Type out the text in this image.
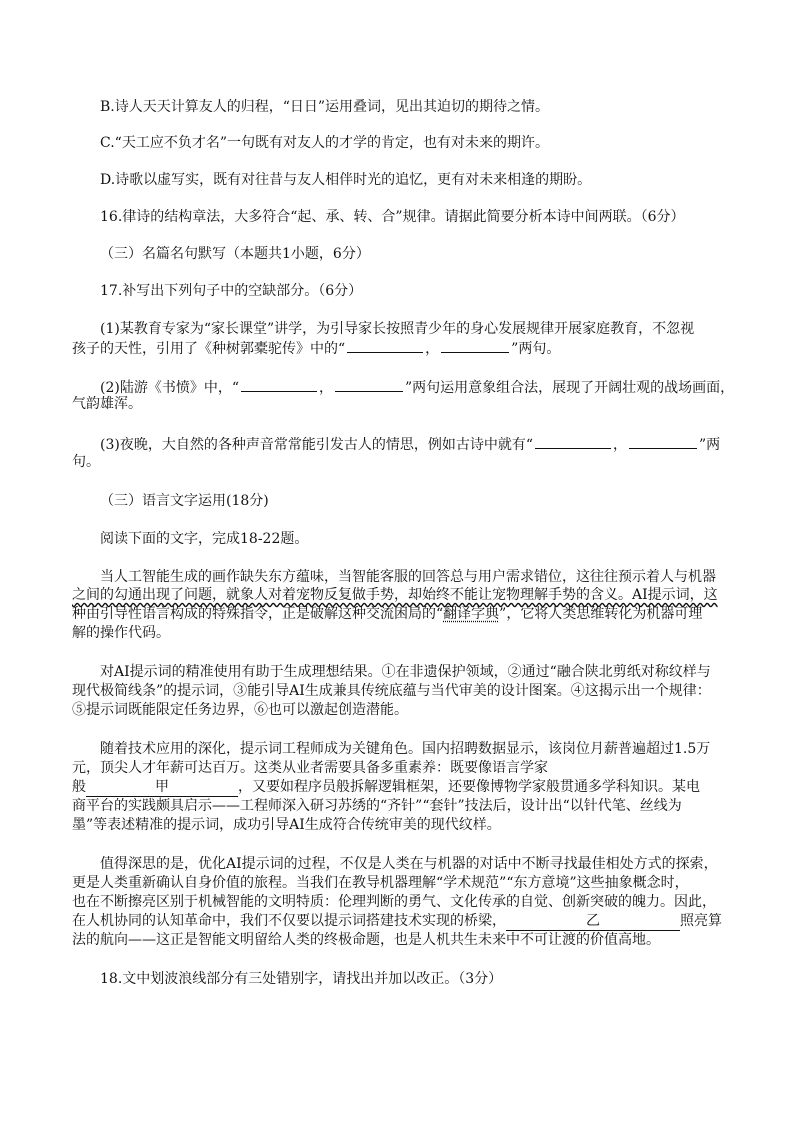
B.诗人天天计算友人的归程，“日日”运用叠词，见出其迫切的期待之情。
C.“天工应不负才名”一句既有对友人的才学的肯定，也有对未来的期许。
D.诗歌以虚写实，既有对往昔与友人相伴时光的追忆，更有对未来相逢的期盼。
16.律诗的结构章法，大多符合“起、承、转、合”规律。请据此简要分析本诗中间两联。（6分）
（三）名篇名句默写（本题共1小题，6分）
17.补写出下列句子中的空缺部分。（6分）
(1)某教育专家为“家长课堂”讲学，为引导家长按照青少年的身心发展规律开展家庭教育，不忽视
孩子的天性，引用了《种树郭橐驼传》中的“	，	”两句。
(2)陆游《书愤》中，“	，	”两句运用意象组合法，展现了开阔壮观的战场画面，
气韵雄浑。
(3)夜晚，大自然的各种声音常常能引发古人的情思，例如古诗中就有“	，	”两
句。
（三）语言文字运用(18分)
阅读下面的文字，完成18-22题。
当人工智能生成的画作缺失东方蕴味，当智能客服的回答总与用户需求错位，这往往预示着人与机器
之间的勾通出现了问题，就象人对着宠物反复做手势，却始终不能让宠物理解手势的含义。AI提示词，这
种由引导性语言构成的特殊指令，正是破解这种交流困局的“翻译字典”，它将人类思维转化为机器可理
解的操作代码。
对AI提示词的精准使用有助于生成理想结果。①在非遗保护领域，②通过“融合陕北剪纸对称纹样与
现代极简线条”的提示词，③能引导AI生成兼具传统底蕴与当代审美的设计图案。④这揭示出一个规律：
⑤提示词既能限定任务边界，⑥也可以激起创造潜能。
随着技术应用的深化，提示词工程师成为关键角色。国内招聘数据显示，该岗位月薪普遍超过1.5万
元，顶尖人才年薪可达百万。这类从业者需要具备多重素养：既要像语言学家
般	甲	，又要如程序员般拆解逻辑框架，还要像博物学家般贯通多学科知识。某电
商平台的实践颇具启示——工程师深入研习苏绣的“齐针”“套针”技法后，设计出“以针代笔、丝线为
墨”等表述精准的提示词，成功引导AI生成符合传统审美的现代纹样。
值得深思的是，优化AI提示词的过程，不仅是人类在与机器的对话中不断寻找最佳相处方式的探索，
更是人类重新确认自身价值的旅程。当我们在教导机器理解“学术规范”“东方意境”这些抽象概念时，
也在不断擦亮区别于机械智能的文明特质：伦理判断的勇气、文化传承的自觉、创新突破的魄力。因此，
在人机协同的认知革命中，我们不仅要以提示词搭建技术实现的桥梁，	乙	照亮算
法的航向——这正是智能文明留给人类的终极命题，也是人机共生未来中不可让渡的价值高地。
18.文中划波浪线部分有三处错别字，请找出并加以改正。（3分）
